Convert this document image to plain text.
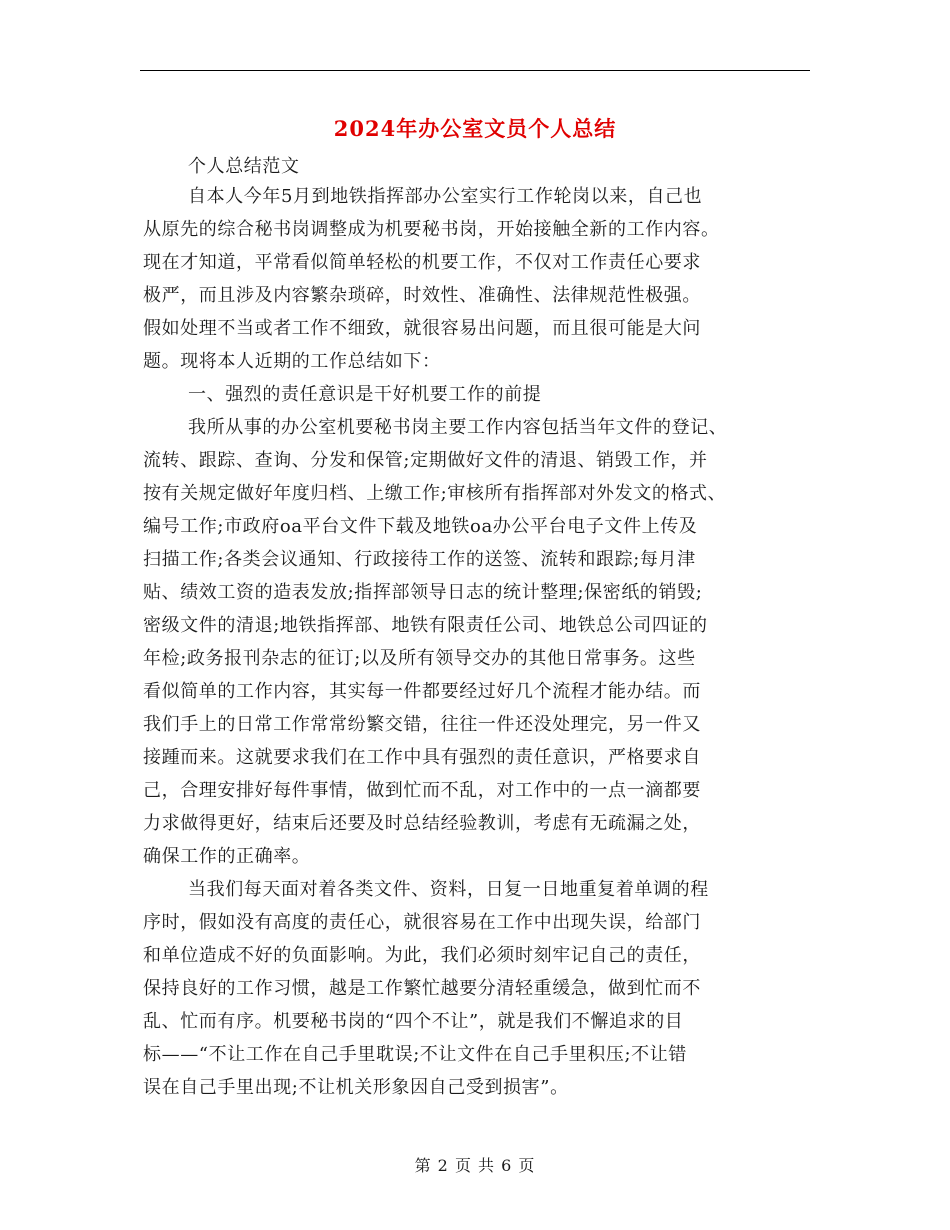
2024年办公室文员个人总结
个人总结范文
自本人今年5月到地铁指挥部办公室实行工作轮岗以来，自己也
从原先的综合秘书岗调整成为机要秘书岗，开始接触全新的工作内容。
现在才知道，平常看似简单轻松的机要工作，不仅对工作责任心要求
极严，而且涉及内容繁杂琐碎，时效性、准确性、法律规范性极强。
假如处理不当或者工作不细致，就很容易出问题，而且很可能是大问
题。现将本人近期的工作总结如下：
一、强烈的责任意识是干好机要工作的前提
我所从事的办公室机要秘书岗主要工作内容包括当年文件的登记、
流转、跟踪、查询、分发和保管;定期做好文件的清退、销毁工作，并
按有关规定做好年度归档、上缴工作;审核所有指挥部对外发文的格式、
编号工作;市政府oa平台文件下载及地铁oa办公平台电子文件上传及
扫描工作;各类会议通知、行政接待工作的送签、流转和跟踪;每月津
贴、绩效工资的造表发放;指挥部领导日志的统计整理;保密纸的销毁;
密级文件的清退;地铁指挥部、地铁有限责任公司、地铁总公司四证的
年检;政务报刊杂志的征订;以及所有领导交办的其他日常事务。这些
看似简单的工作内容，其实每一件都要经过好几个流程才能办结。而
我们手上的日常工作常常纷繁交错，往往一件还没处理完，另一件又
接踵而来。这就要求我们在工作中具有强烈的责任意识，严格要求自
己，合理安排好每件事情，做到忙而不乱，对工作中的一点一滴都要
力求做得更好，结束后还要及时总结经验教训，考虑有无疏漏之处，
确保工作的正确率。
当我们每天面对着各类文件、资料，日复一日地重复着单调的程
序时，假如没有高度的责任心，就很容易在工作中出现失误，给部门
和单位造成不好的负面影响。为此，我们必须时刻牢记自己的责任，
保持良好的工作习惯，越是工作繁忙越要分清轻重缓急，做到忙而不
乱、忙而有序。机要秘书岗的“四个不让”，就是我们不懈追求的目
标——“不让工作在自己手里耽误;不让文件在自己手里积压;不让错
误在自己手里出现;不让机关形象因自己受到损害”。
第 2 页 共 6 页
